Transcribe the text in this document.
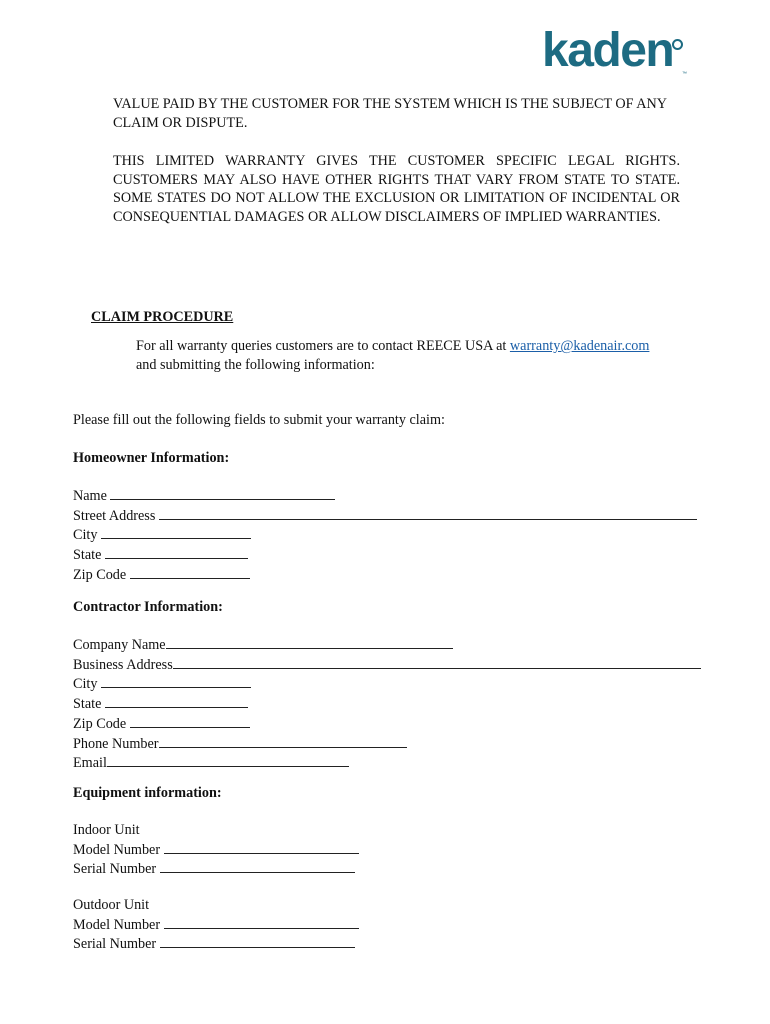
kaden ™
VALUE PAID BY THE CUSTOMER FOR THE SYSTEM WHICH IS THE SUBJECT OF ANY CLAIM OR DISPUTE.
THIS LIMITED WARRANTY GIVES THE CUSTOMER SPECIFIC LEGAL RIGHTS. CUSTOMERS MAY ALSO HAVE OTHER RIGHTS THAT VARY FROM STATE TO STATE. SOME STATES DO NOT ALLOW THE EXCLUSION OR LIMITATION OF INCIDENTAL OR CONSEQUENTIAL DAMAGES OR ALLOW DISCLAIMERS OF IMPLIED WARRANTIES.
CLAIM PROCEDURE
For all warranty queries customers are to contact REECE USA at warranty@kadenair.com
and submitting the following information:
Please fill out the following fields to submit your warranty claim:
Homeowner Information:
Name
Street Address
City
State
Zip Code
Contractor Information:
Company Name
Business Address
City
State
Zip Code
Phone Number
Email
Equipment information:
Indoor Unit
Model Number
Serial Number
Outdoor Unit
Model Number
Serial Number
